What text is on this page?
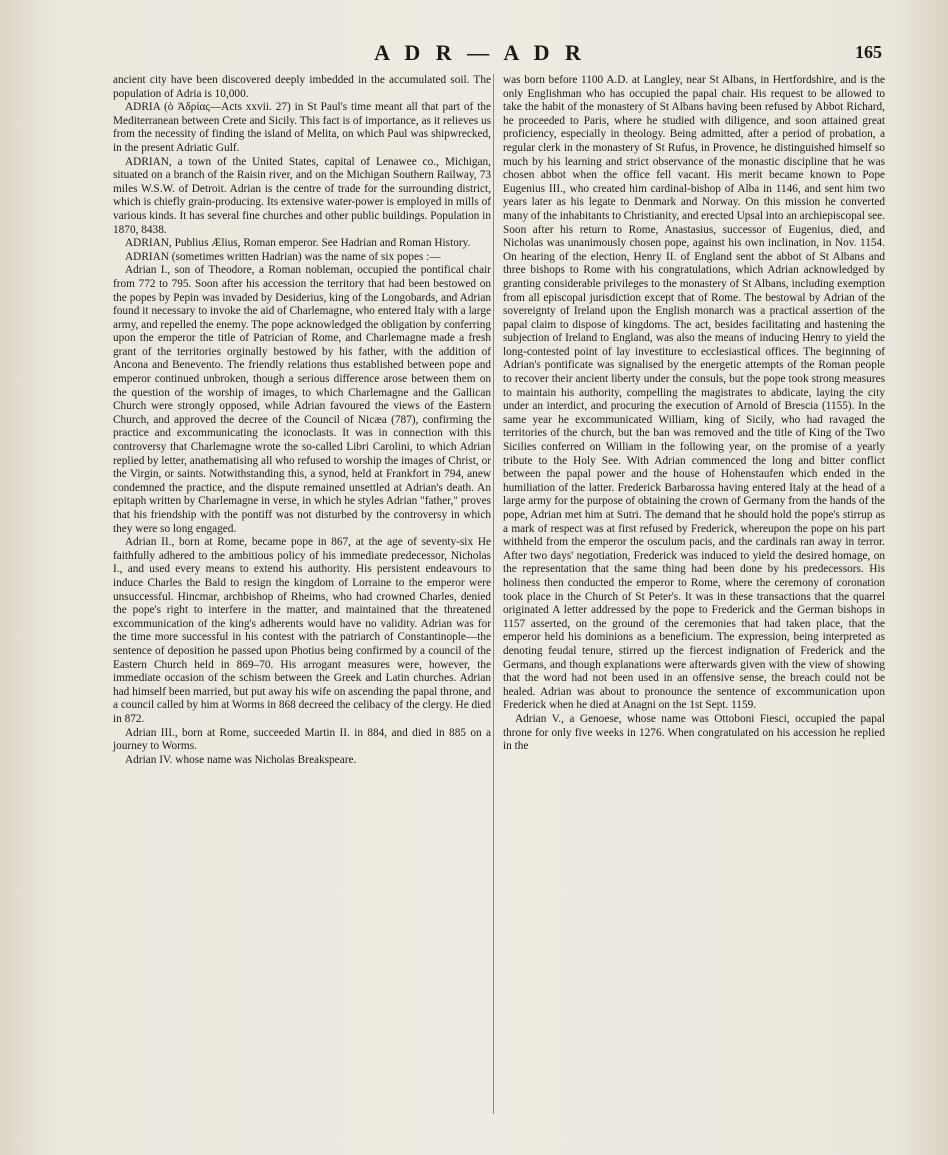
A D R — A D R	165

ancient city have been discovered deeply imbedded in the accumulated soil. The population of Adria is 10,000.

ADRIA (ὁ Ἀδρίας—Acts xxvii. 27) in St Paul's time meant all that part of the Mediterranean between Crete and Sicily. This fact is of importance, as it relieves us from the necessity of finding the island of Melita, on which Paul was shipwrecked, in the present Adriatic Gulf.

ADRIAN, a town of the United States, capital of Lenawee co., Michigan, situated on a branch of the Raisin river, and on the Michigan Southern Railway, 73 miles W.S.W. of Detroit. Adrian is the centre of trade for the surrounding district, which is chiefly grain-producing. Its extensive water-power is employed in mills of various kinds. It has several fine churches and other public buildings. Population in 1870, 8438.

ADRIAN, Publius Ælius, Roman emperor. See Hadrian and Roman History.

ADRIAN (sometimes written Hadrian) was the name of six popes :—

Adrian I., son of Theodore, a Roman nobleman, occupied the pontifical chair from 772 to 795. Soon after his accession the territory that had been bestowed on the popes by Pepin was invaded by Desiderius, king of the Longobards, and Adrian found it necessary to invoke the aid of Charlemagne, who entered Italy with a large army, and repelled the enemy. The pope acknowledged the obligation by conferring upon the emperor the title of Patrician of Rome, and Charlemagne made a fresh grant of the territories orginally bestowed by his father, with the addition of Ancona and Benevento. The friendly relations thus established between pope and emperor continued unbroken, though a serious difference arose between them on the question of the worship of images, to which Charlemagne and the Gallican Church were strongly opposed, while Adrian favoured the views of the Eastern Church, and approved the decree of the Council of Nicæa (787), confirming the practice and excommunicating the iconoclasts. It was in connection with this controversy that Charlemagne wrote the so-called Libri Carolini, to which Adrian replied by letter, anathematising all who refused to worship the images of Christ, or the Virgin, or saints. Notwithstanding this, a synod, held at Frankfort in 794, anew condemned the practice, and the dispute remained unsettled at Adrian's death. An epitaph written by Charlemagne in verse, in which he styles Adrian "father," proves that his friendship with the pontiff was not disturbed by the controversy in which they were so long engaged.

Adrian II., born at Rome, became pope in 867, at the age of seventy-six He faithfully adhered to the ambitious policy of his immediate predecessor, Nicholas I., and used every means to extend his authority. His persistent endeavours to induce Charles the Bald to resign the kingdom of Lorraine to the emperor were unsuccessful. Hincmar, archbishop of Rheims, who had crowned Charles, denied the pope's right to interfere in the matter, and maintained that the threatened excommunication of the king's adherents would have no validity. Adrian was for the time more successful in his contest with the patriarch of Constantinople—the sentence of deposition he passed upon Photius being confirmed by a council of the Eastern Church held in 869–70. His arrogant measures were, however, the immediate occasion of the schism between the Greek and Latin churches. Adrian had himself been married, but put away his wife on ascending the papal throne, and a council called by him at Worms in 868 decreed the celibacy of the clergy. He died in 872.

Adrian III., born at Rome, succeeded Martin II. in 884, and died in 885 on a journey to Worms.

Adrian IV. whose name was Nicholas Breakspeare.

was born before 1100 A.D. at Langley, near St Albans, in Hertfordshire, and is the only Englishman who has occupied the papal chair. His request to be allowed to take the habit of the monastery of St Albans having been refused by Abbot Richard, he proceeded to Paris, where he studied with diligence, and soon attained great proficiency, especially in theology. Being admitted, after a period of probation, a regular clerk in the monastery of St Rufus, in Provence, he distinguished himself so much by his learning and strict observance of the monastic discipline that he was chosen abbot when the office fell vacant. His merit became known to Pope Eugenius III., who created him cardinal-bishop of Alba in 1146, and sent him two years later as his legate to Denmark and Norway. On this mission he converted many of the inhabitants to Christianity, and erected Upsal into an archiepiscopal see. Soon after his return to Rome, Anastasius, successor of Eugenius, died, and Nicholas was unanimously chosen pope, against his own inclination, in Nov. 1154. On hearing of the election, Henry II. of England sent the abbot of St Albans and three bishops to Rome with his congratulations, which Adrian acknowledged by granting considerable privileges to the monastery of St Albans, including exemption from all episcopal jurisdiction except that of Rome. The bestowal by Adrian of the sovereignty of Ireland upon the English monarch was a practical assertion of the papal claim to dispose of kingdoms. The act, besides facilitating and hastening the subjection of Ireland to England, was also the means of inducing Henry to yield the long-contested point of lay investiture to ecclesiastical offices. The beginning of Adrian's pontificate was signalised by the energetic attempts of the Roman people to recover their ancient liberty under the consuls, but the pope took strong measures to maintain his authority, compelling the magistrates to abdicate, laying the city under an interdict, and procuring the execution of Arnold of Brescia (1155). In the same year he excommunicated William, king of Sicily, who had ravaged the territories of the church, but the ban was removed and the title of King of the Two Sicilies conferred on William in the following year, on the promise of a yearly tribute to the Holy See. With Adrian commenced the long and bitter conflict between the papal power and the house of Hohenstaufen which ended in the humiliation of the latter. Frederick Barbarossa having entered Italy at the head of a large army for the purpose of obtaining the crown of Germany from the hands of the pope, Adrian met him at Sutri. The demand that he should hold the pope's stirrup as a mark of respect was at first refused by Frederick, whereupon the pope on his part withheld from the emperor the osculum pacis, and the cardinals ran away in terror. After two days' negotiation, Frederick was induced to yield the desired homage, on the representation that the same thing had been done by his predecessors. His holiness then conducted the emperor to Rome, where the ceremony of coronation took place in the Church of St Peter's. It was in these transactions that the quarrel originated A letter addressed by the pope to Frederick and the German bishops in 1157 asserted, on the ground of the ceremonies that had taken place, that the emperor held his dominions as a beneficium. The expression, being interpreted as denoting feudal tenure, stirred up the fiercest indignation of Frederick and the Germans, and though explanations were afterwards given with the view of showing that the word had not been used in an offensive sense, the breach could not be healed. Adrian was about to pronounce the sentence of excommunication upon Frederick when he died at Anagni on the 1st Sept. 1159.

Adrian V., a Genoese, whose name was Ottoboni Fiesci, occupied the papal throne for only five weeks in 1276. When congratulated on his accession he replied in the
